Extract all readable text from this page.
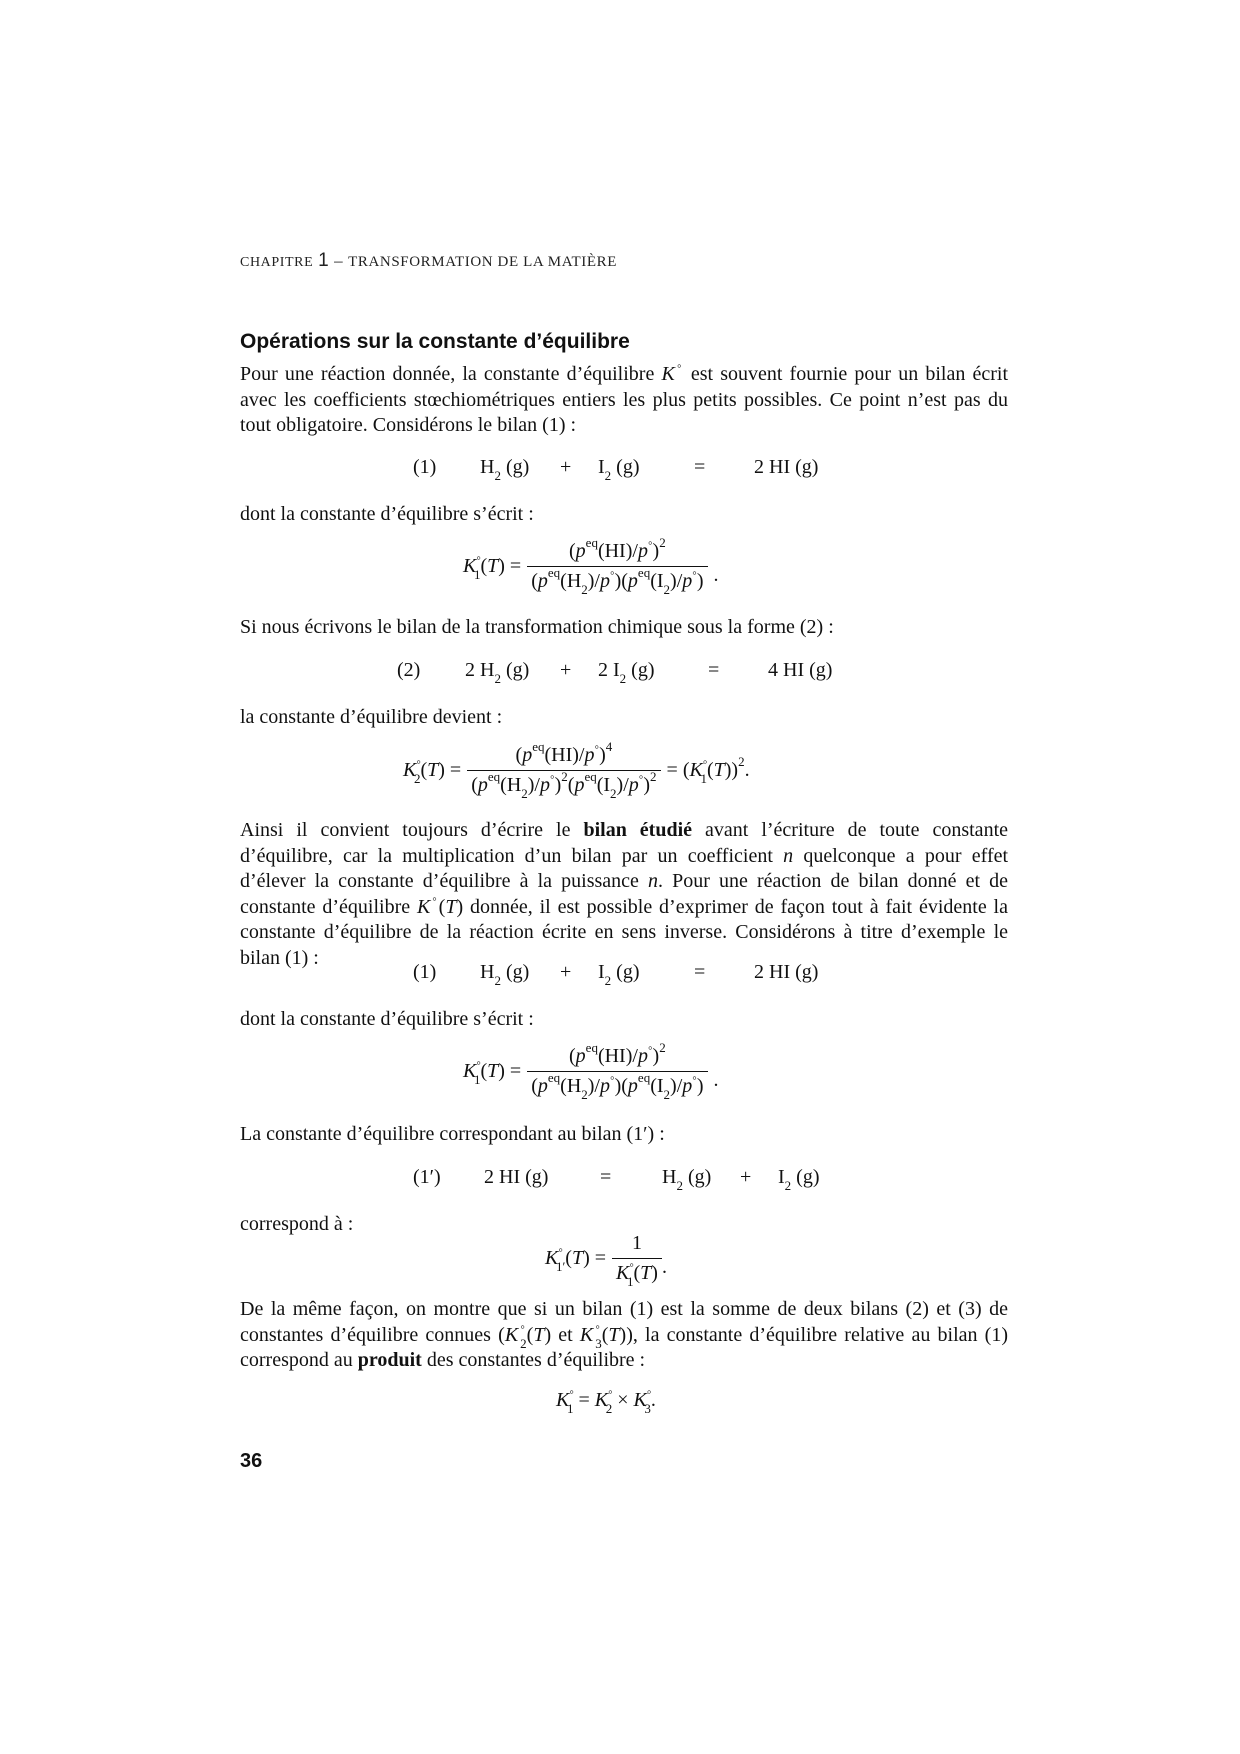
CHAPITRE 1 – TRANSFORMATION DE LA MATIÈRE
Opérations sur la constante d’équilibre

Pour une réaction donnée, la constante d’équilibre K◦ est souvent fournie pour un bilan écrit avec les coefficients stœchiométriques entiers les plus petits possibles. Ce point n’est pas du tout obligatoire. Considérons le bilan (1) :

(1) $H_2$ $(g) + I_2$ (g)	= 2 HI (g)

dont la constante d’équilibre s’écrit :

$K^◦_1(T) = \frac{(p^{eq}(HI)/p^◦)^2}{(p^{eq}(H_2)/p^◦)(p^{eq}(I_2)/p^◦)}$ .

Si nous écrivons le bilan de la transformation chimique sous la forme (2) :

(2) 2 $H_2$ (g) + 2 $I_2$ (g)	= 4 HI (g)

la constante d’équilibre devient :

$K^◦_2(T) = \frac{(p^{eq}(HI)/p^◦)^4}{(p^{eq}(H_2)/p^◦)^2(p^{eq}(I_2)/p^◦)^2} = (K^◦_1(T))^2$.

Ainsi il convient toujours d’écrire le bilan étudié avant l’écriture de toute constante d’équilibre, car la multiplication d’un bilan par un coefficient n quelconque a pour effet d’élever la constante d’équilibre à la puissance n. Pour une réaction de bilan donné et de constante d’équilibre K◦(T) donnée, il est possible d’exprimer de façon tout à fait évidente la constante d’équilibre de la réaction écrite en sens inverse. Considérons à titre d’exemple le bilan (1) :

(1) $H_2$ $(g) + I_2$ (g)	= 2 HI (g)

dont la constante d’équilibre s’écrit :

$K^◦_1(T) = \frac{(p^{eq}(HI)/p^◦)^2}{(p^{eq}(H_2)/p^◦)(p^{eq}(I_2)/p^◦)}$ .

La constante d’équilibre correspondant au bilan (1′) :

(1′) 2 HI (g)	=	$H_2$ $(g) + I_2$ (g)

correspond à :

$K^◦_{1'}(T) = \frac{1}{K^◦_1(T)}$ .

De la même façon, on montre que si un bilan (1) est la somme de deux bilans (2) et (3) de constantes d’équilibre connues ($K^◦_2(T)$ et $K^◦_3(T)$), la constante d’équilibre relative au bilan (1) correspond au produit des constantes d’équilibre :

$K^◦_1 = K^◦_2 \times K^◦_3$.
36
